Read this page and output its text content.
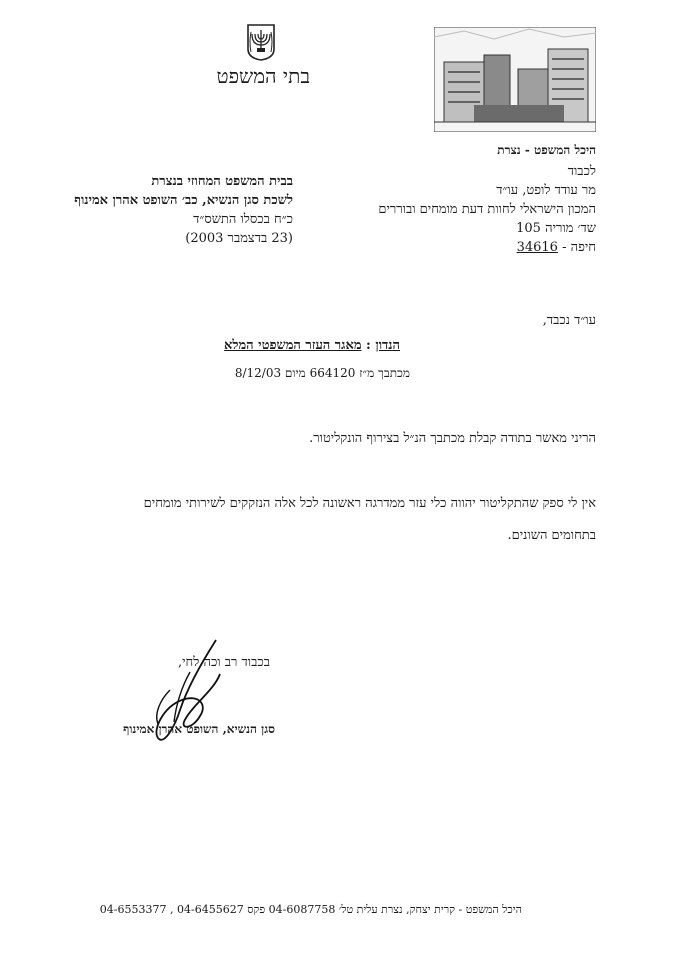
בתי המשפט
היכל המשפט - נצרת
לכבוד
מר עודד לופט, עו״ד
המכון הישראלי לחוות דעת מומחים ובוררים
שד׳ מוריה 105
חיפה - 34616
בבית המשפט המחוזי בנצרת
לשכת סגן הנשיא, כב׳ השופט אהרן אמינוף
כ״ח בכסלו התשס״ד
(23 בדצמבר 2003)
עו״ד נכבד,
הנדון : מאגר העזר המשפטי המלא
מכתבך מ״ז 664120 מיום 8/12/03
הריני מאשר בתודה קבלת מכתבך הנ״ל בצירוף הונקליטור.
אין לי ספק שהתקליטור יהווה כלי עזר ממדרגה ראשונה לכל אלה הנזקקים לשירותי מומחים
בתחומים השונים.
בכבוד רב וכה לחי,
סגן הנשיא, השופט אהרן אמינוף
היכל המשפט - קרית יצחק, נצרת עלית טל׳ 04-6087758 פקס 04-6455627 , 04-6553377
